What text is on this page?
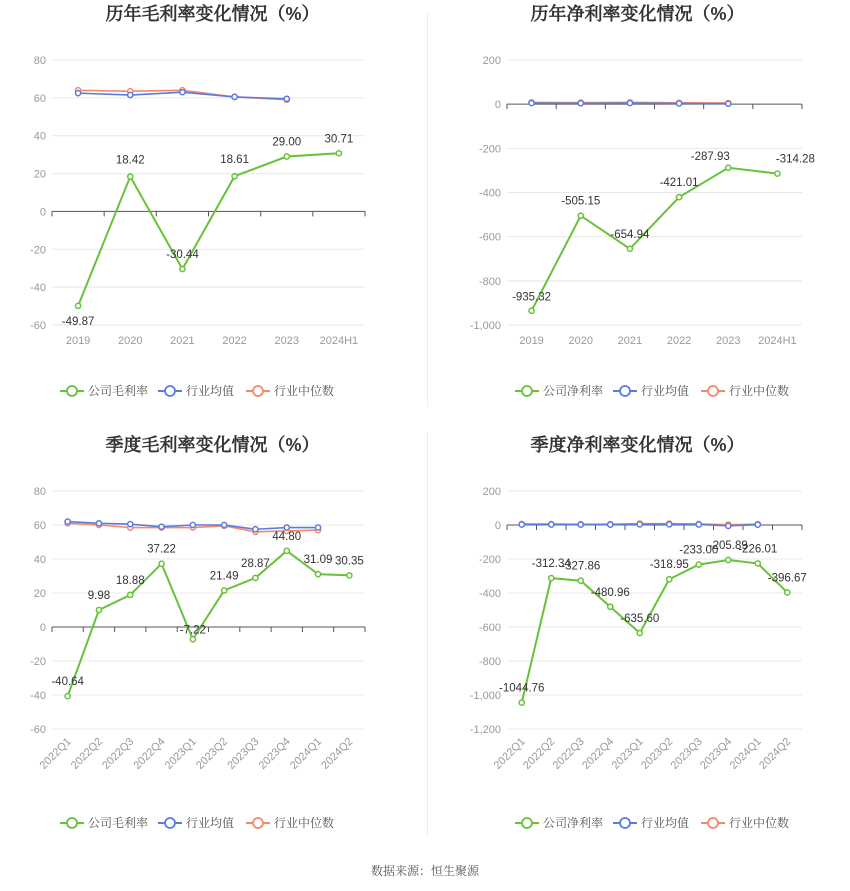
历年毛利率变化情况（%）
80
60
40
20
0
-20
-40
-60
2019	2020	2021	2022	2023 2024H1
-49.87
18.42
-30.44
18.61
29.00 30.71
公司毛利率	行业均值	行业中位数
历年净利率变化情况（%）
200
0
-200
-400
-600
-800
-1,000
2019 2020 2021 2022 2023 2024H1
-935.32
-505.15
-654.94
-421.01
-287.93	-314.28
公司净利率	行业均值	行业中位数
季度毛利率变化情况（%）
80
60
40
20
0
-20
-40
-60
2022Q1
2022Q2
2022Q3
2022Q4
2023Q1
2023Q2
2023Q3
2023Q4
2024Q1
2024Q2
-40.64
9.98
18.88
37.22
-7.22
21.49
28.87
44.80
31.09 30.35
公司毛利率	行业均值	行业中位数
季度净利率变化情况（%）
200
0
-200
-400
-600
-800
-1,000
-1,200
2022Q1
2022Q2
2022Q3
2022Q4
2023Q1
2023Q2
2023Q3
2023Q4
2024Q1
2024Q2
-1044.76
-312.34
-327.86
-480.96
-635.60
-318.95
-233.00
-205.89
-226.01
-396.67
公司净利率	行业均值	行业中位数
数据来源：恒生聚源
